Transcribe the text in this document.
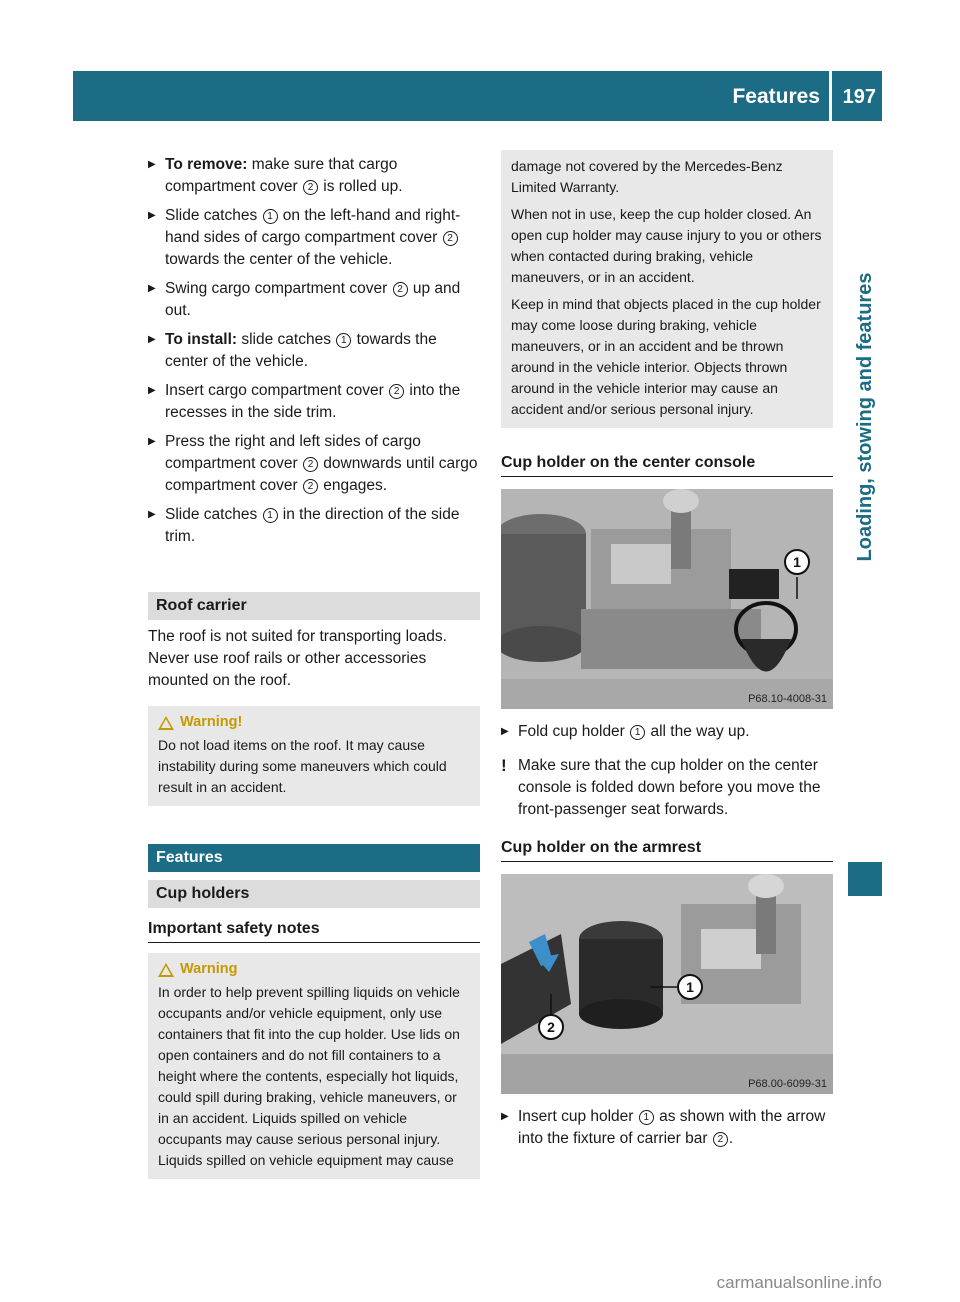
Features 197
Loading, stowing and features
▶ To remove: make sure that cargo compartment cover 2 is rolled up.
▶ Slide catches 1 on the left-hand and right-hand sides of cargo compartment cover 2 towards the center of the vehicle.
▶ Swing cargo compartment cover 2 up and out.
▶ To install: slide catches 1 towards the center of the vehicle.
▶ Insert cargo compartment cover 2 into the recesses in the side trim.
▶ Press the right and left sides of cargo compartment cover 2 downwards until cargo compartment cover 2 engages.
▶ Slide catches 1 in the direction of the side trim.
Roof carrier

The roof is not suited for transporting loads. Never use roof rails or other accessories mounted on the roof.

Warning!

Do not load items on the roof. It may cause instability during some maneuvers which could result in an accident.

Features
Cup holders
Important safety notes
Warning

In order to help prevent spilling liquids on vehicle occupants and/or vehicle equipment, only use containers that fit into the cup holder. Use lids on open containers and do not fill containers to a height where the contents, especially hot liquids, could spill during braking, vehicle maneuvers, or in an accident. Liquids spilled on vehicle occupants may cause serious personal injury. Liquids spilled on vehicle equipment may cause

damage not covered by the Mercedes-Benz Limited Warranty.

When not in use, keep the cup holder closed. An open cup holder may cause injury to you or others when contacted during braking, vehicle maneuvers, or in an accident.

Keep in mind that objects placed in the cup holder may come loose during braking, vehicle maneuvers, or in an accident and be thrown around in the vehicle interior. Objects thrown around in the vehicle interior may cause an accident and/or serious personal injury.

Cup holder on the center console
1
P68.10-4008-31
▶ Fold cup holder 1 all the way up.
! Make sure that the cup holder on the center console is folded down before you move the front-passenger seat forwards.
Cup holder on the armrest
1
2
P68.00-6099-31
▶ Insert cup holder 1 as shown with the arrow into the fixture of carrier bar 2 .
carmanualsonline.info
